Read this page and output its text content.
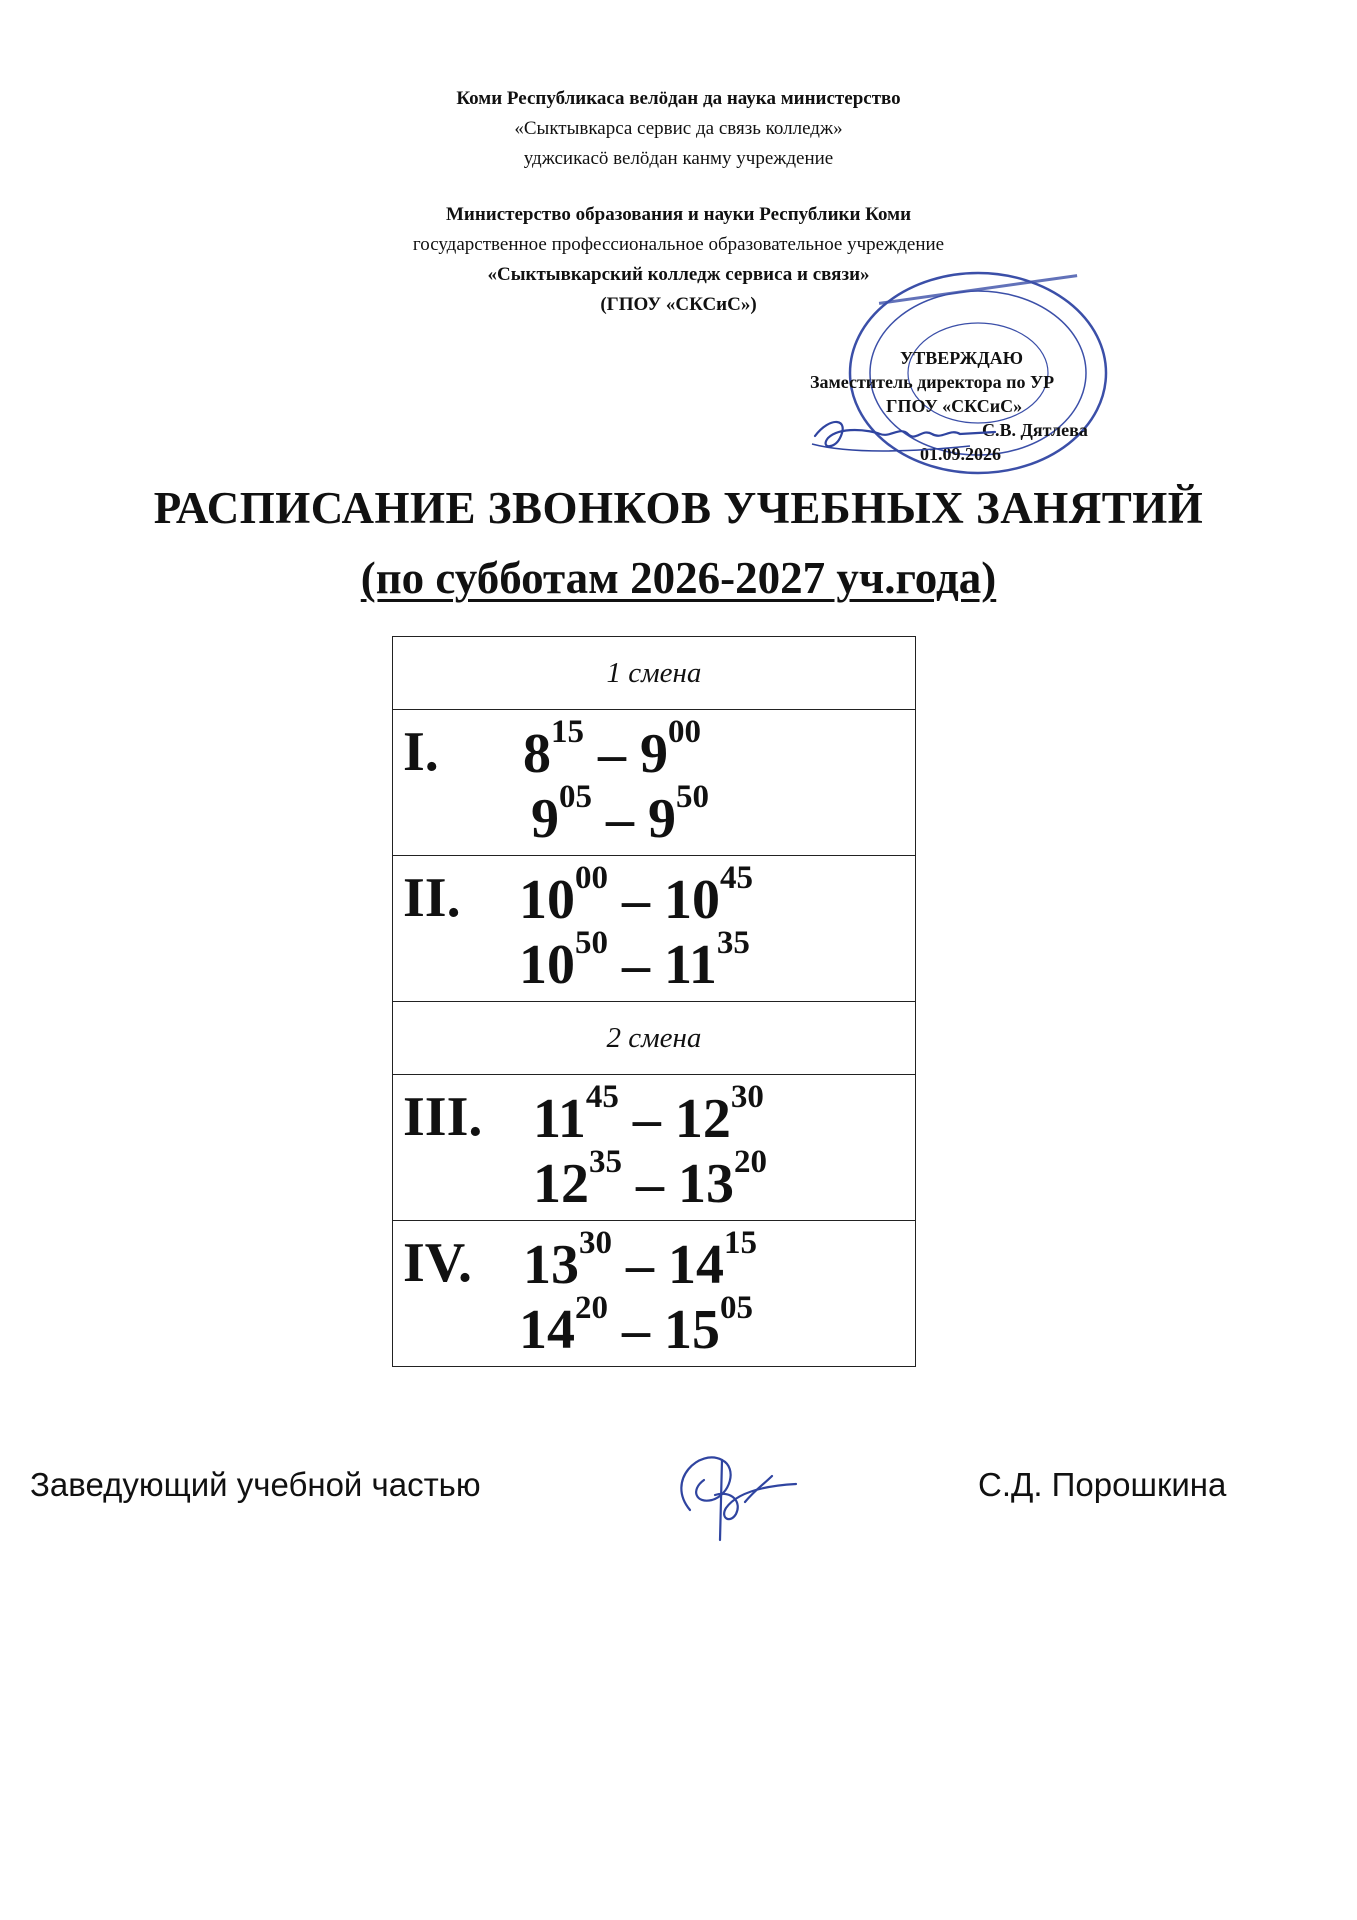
Коми Республикаса велӧдан да наука министерство
«Сыктывкарса сервис да связь колледж»
уджсикасӧ велӧдан канму учреждение
Министерство образования и науки Республики Коми
государственное профессиональное образовательное учреждение
«Сыктывкарский колледж сервиса и связи»
(ГПОУ «СКСиС»)
УТВЕРЖДАЮ
Заместитель директора по УР
ГПОУ «СКСиС»
С.В. Дятлева
01.09.2026
РАСПИСАНИЕ ЗВОНКОВ УЧЕБНЫХ ЗАНЯТИЙ
(по субботам 2026-2027 уч.года)
1 смена

I. $8^{15} - 9^{00}$
$9^{05} - 9^{50}$

II. $10^{00} - 10^{45}$
$10^{50} - 11^{35}$

2 смена

III. $11^{45} - 12^{30}$
$12^{35} - 13^{20}$

IV. $13^{30} - 14^{15}$
$14^{20} - 15^{05}$
Заведующий учебной частью	С.Д. Порошкина
